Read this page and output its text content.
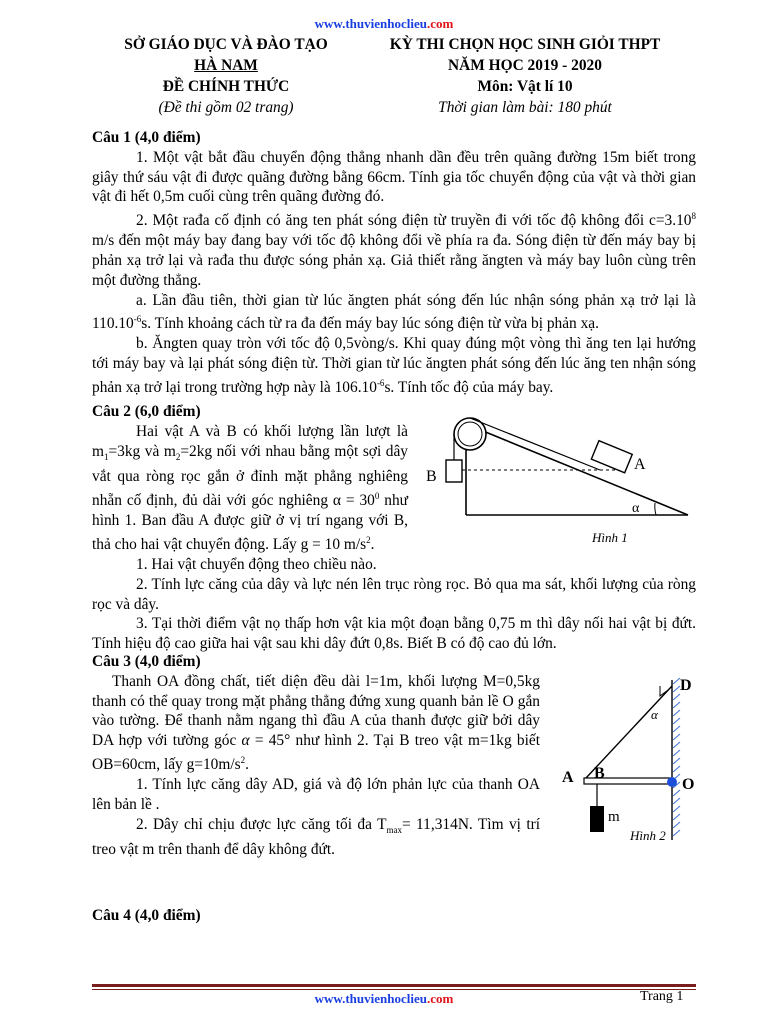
www.thuvienhoclieu.com
SỞ GIÁO DỤC VÀ ĐÀO TẠO
HÀ NAM
ĐỀ CHÍNH THỨC
(Đề thi gồm 02 trang)
KỲ THI CHỌN HỌC SINH GIỎI THPT
NĂM HỌC 2019 - 2020
Môn: Vật lí 10
Thời gian làm bài: 180 phút
Câu 1 (4,0 điểm)
1. Một vật bắt đầu chuyển động thẳng nhanh dần đều trên quãng đường 15m biết trong giây thứ sáu vật đi được quãng đường bằng 66cm. Tính gia tốc chuyển động của vật và thời gian vật đi hết 0,5m cuối cùng trên quãng đường đó.
2. Một rađa cố định có ăng ten phát sóng điện từ truyền đi với tốc độ không đổi $c=3.10^8$ m/s đến một máy bay đang bay với tốc độ không đổi về phía ra đa. Sóng điện từ đến máy bay bị phản xạ trở lại và rađa thu được sóng phản xạ. Giả thiết rằng ăngten và máy bay luôn cùng trên một đường thẳng.
a. Lần đầu tiên, thời gian từ lúc ăngten phát sóng đến lúc nhận sóng phản xạ trở lại là $110.10^{-6}s$. Tính khoảng cách từ ra đa đến máy bay lúc sóng điện từ vừa bị phản xạ.
b. Ăngten quay tròn với tốc độ 0,5vòng/s. Khi quay đúng một vòng thì ăng ten lại hướng tới máy bay và lại phát sóng điện từ. Thời gian từ lúc ăngten phát sóng đến lúc ăng ten nhận sóng phản xạ trở lại trong trường hợp này là $106.10^{-6}s$. Tính tốc độ của máy bay.
Câu 2 (6,0 điểm)
Hai vật A và B có khối lượng lần lượt là $m_1=3kg$ và $m_2=2kg$ nối với nhau bằng một sợi dây vắt qua ròng rọc gắn ở đỉnh mặt phẳng nghiêng nhẵn cố định, đủ dài với góc nghiêng $\alpha = 30^0$ như hình 1. Ban đầu A được giữ ở vị trí ngang với B, thả cho hai vật chuyển động. Lấy g = 10 $m/s^2$.
1. Hai vật chuyển động theo chiều nào.
2. Tính lực căng của dây và lực nén lên trục ròng rọc. Bỏ qua ma sát, khối lượng của ròng rọc và dây.
3. Tại thời điểm vật nọ thấp hơn vật kia một đoạn bằng 0,75 m thì dây nối hai vật bị đứt. Tính hiệu độ cao giữa hai vật sau khi dây đứt 0,8s. Biết B có độ cao đủ lớn.
A
B
α
Hình 1
Câu 3 (4,0 điểm)
Thanh OA đồng chất, tiết diện đều dài l=1m, khối lượng M=0,5kg thanh có thể quay trong mặt phẳng thẳng đứng xung quanh bản lề O gắn vào tường. Để thanh nằm ngang thì đầu A của thanh được giữ bởi dây DA hợp với tường góc α = 45° như hình 2. Tại B treo vật m=1kg biết OB=60cm, lấy $g=10m/s^2$.
1. Tính lực căng dây AD, giá và độ lớn phản lực của thanh OA lên bản lề .
2. Dây chỉ chịu được lực căng tối đa $T_{max}= 11,314N$. Tìm vị trí treo vật m trên thanh để dây không đứt.
D
A B
O
m
α
Hình 2
Câu 4 (4,0 điểm)
www.thuvienhoclieu.com	Trang 1
